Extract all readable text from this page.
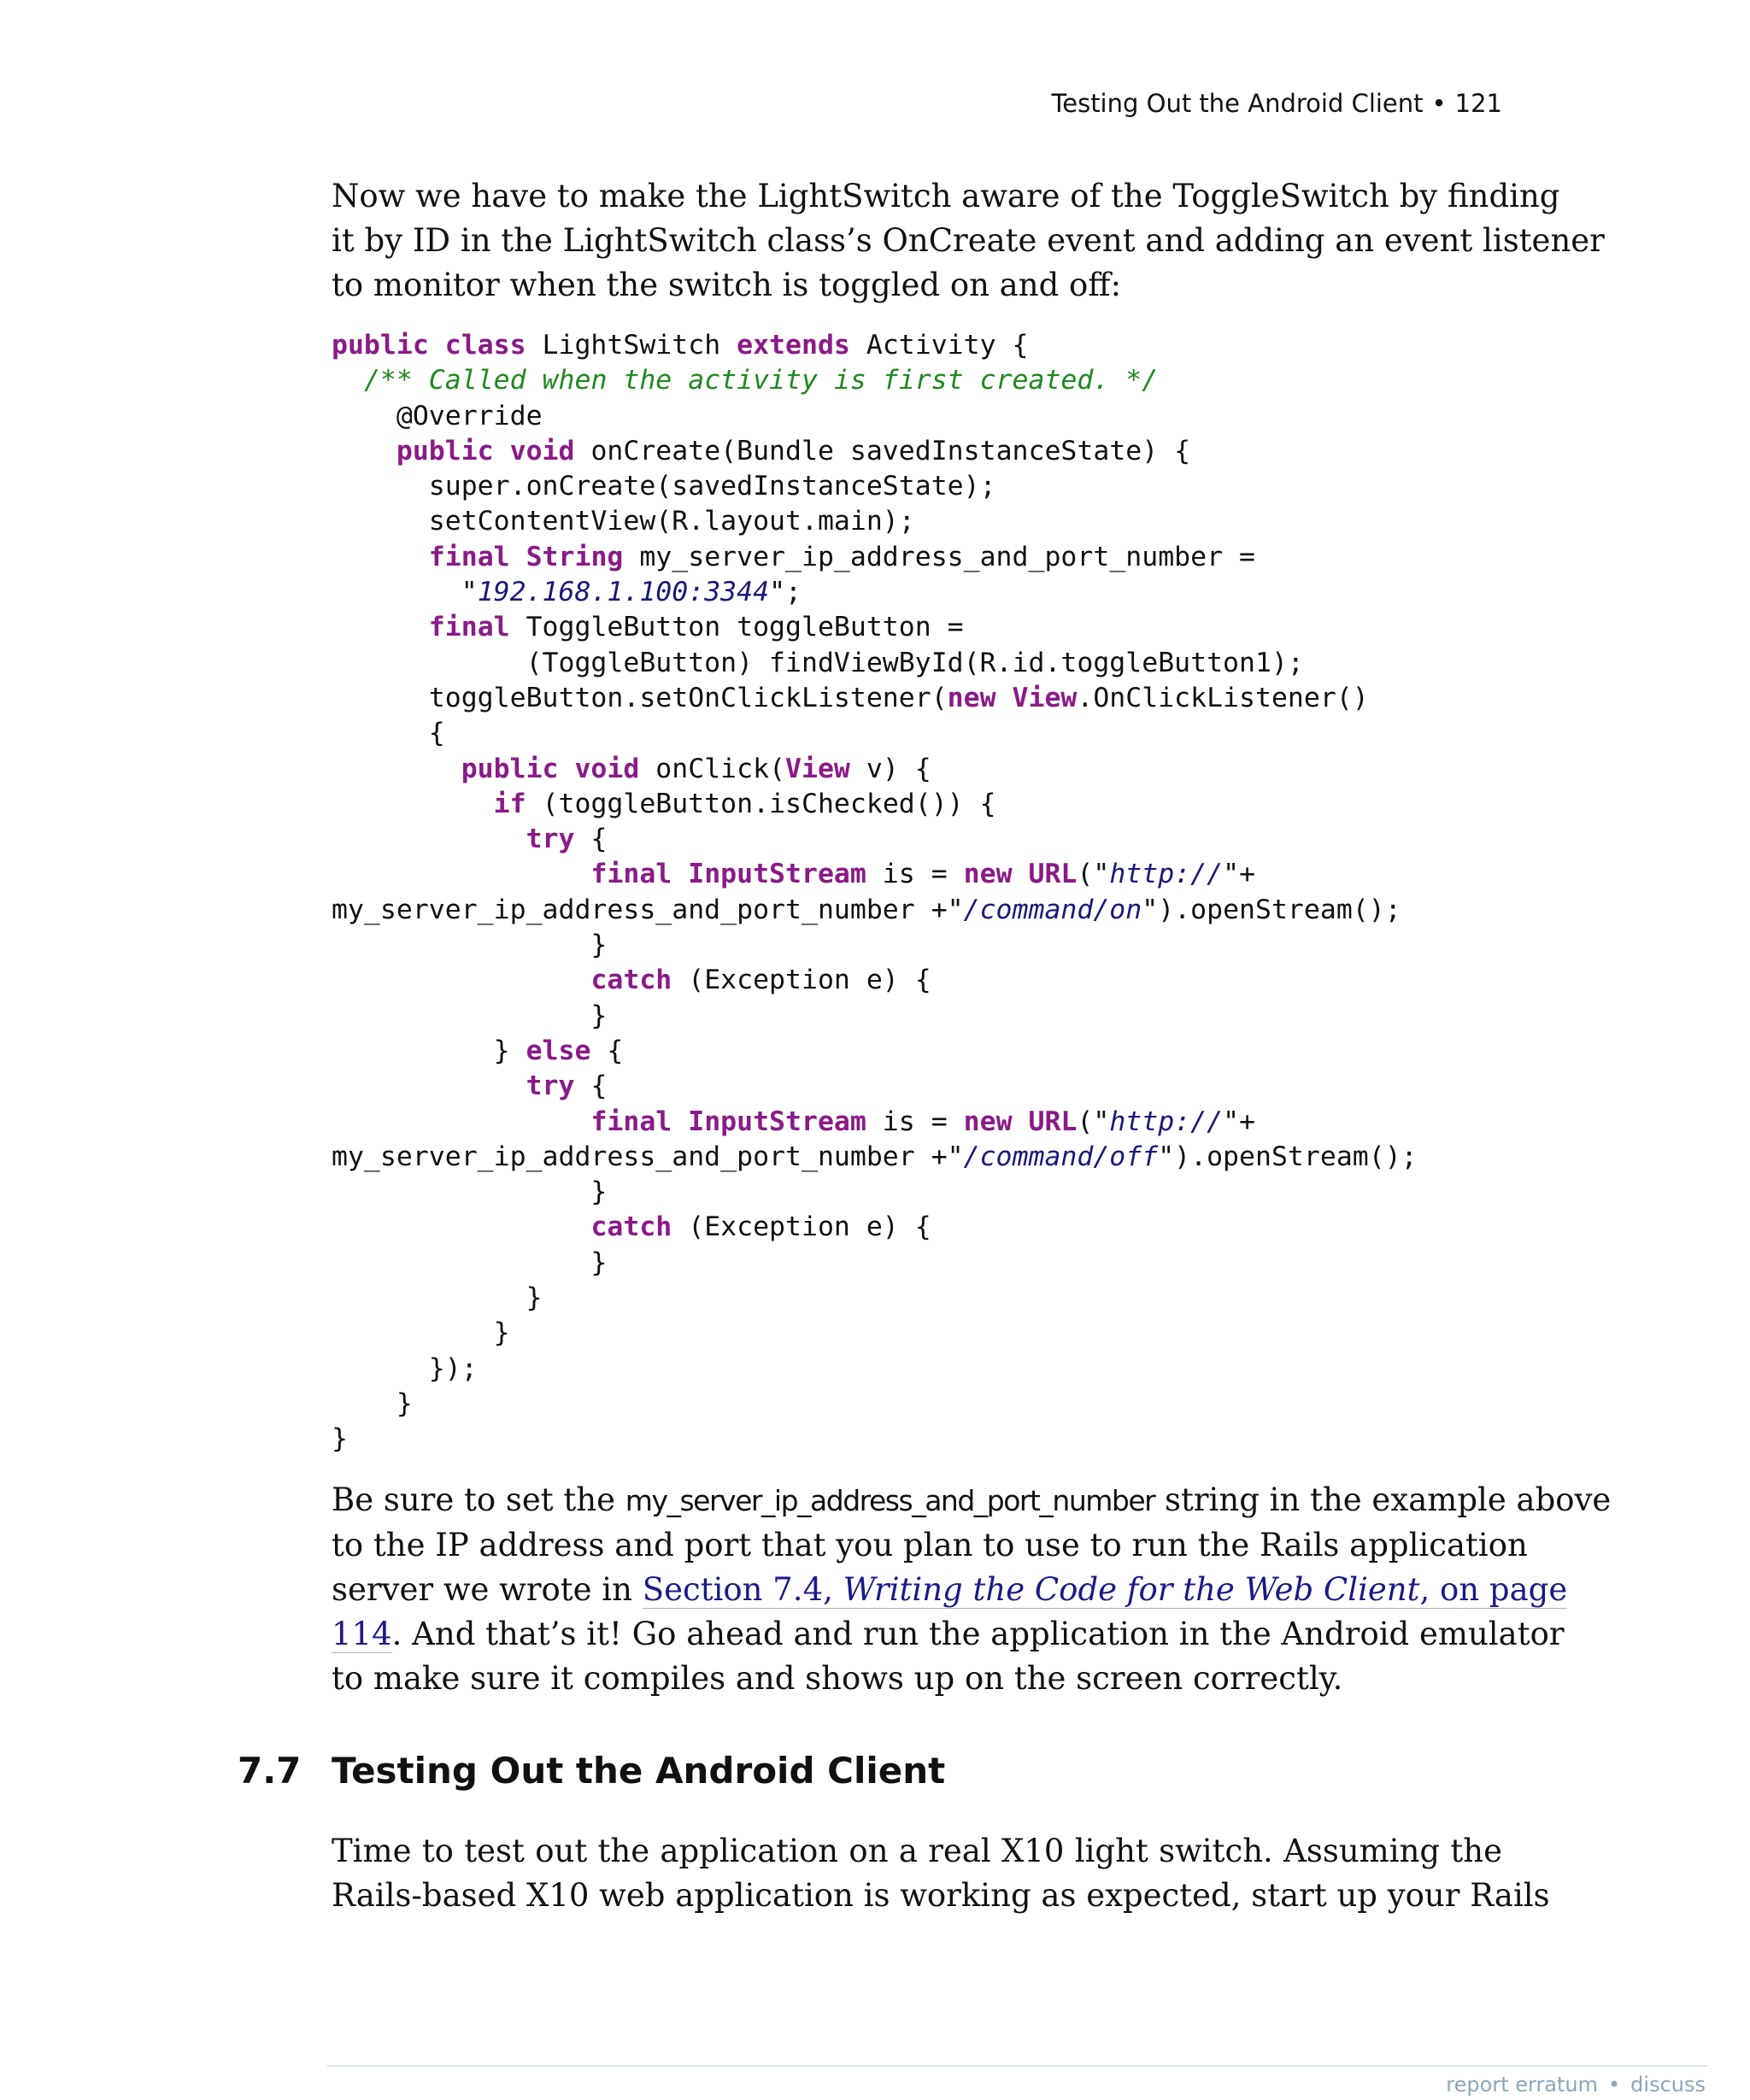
Testing Out the Android Client • 121

Now we have to make the LightSwitch aware of the ToggleSwitch by finding
it by ID in the LightSwitch class’s OnCreate event and adding an event listener
to monitor when the switch is toggled on and off:

public class LightSwitch extends Activity {
/** Called when the activity is first created. */
@Override
public void onCreate(Bundle savedInstanceState) {
super.onCreate(savedInstanceState);
setContentView(R.layout.main);
final String my_server_ip_address_and_port_number =
"192.168.1.100:3344";
final ToggleButton toggleButton =
(ToggleButton) findViewById(R.id.toggleButton1);
toggleButton.setOnClickListener(new View.OnClickListener()
{
public void onClick(View v) {
if (toggleButton.isChecked()) {
try {
final InputStream is = new URL("http://"+
my_server_ip_address_and_port_number +"/command/on").openStream();
}
catch (Exception e) {
}
} else {
try {
final InputStream is = new URL("http://"+
my_server_ip_address_and_port_number +"/command/off").openStream();
}
catch (Exception e) {
}
}
}
});
}
}

Be sure to set the my_server_ip_address_and_port_number string in the example above
to the IP address and port that you plan to use to run the Rails application
server we wrote in Section 7.4, Writing the Code for the Web Client, on page
114. And that’s it! Go ahead and run the application in the Android emulator
to make sure it compiles and shows up on the screen correctly.

7.7 Testing Out the Android Client

Time to test out the application on a real X10 light switch. Assuming the
Rails-based X10 web application is working as expected, start up your Rails

report erratum • discuss
